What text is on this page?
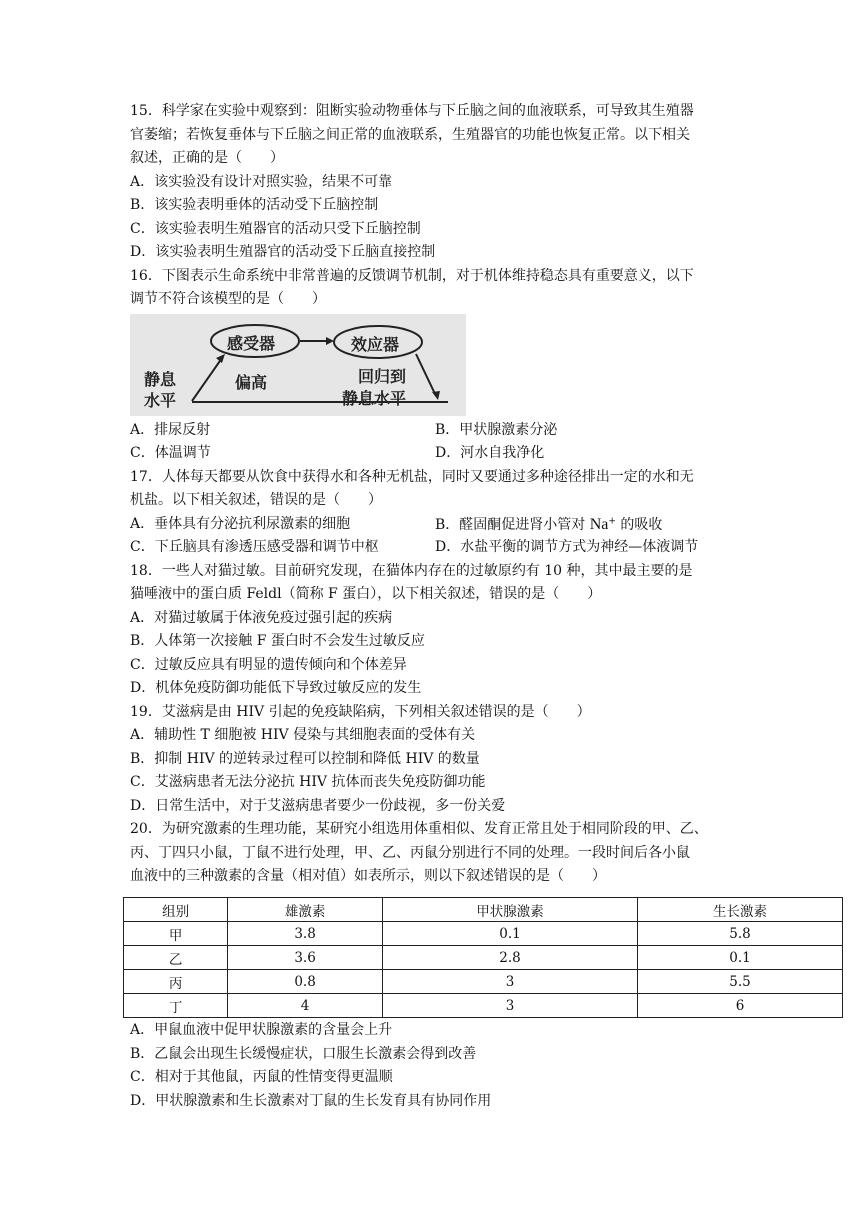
15．科学家在实验中观察到：阻断实验动物垂体与下丘脑之间的血液联系，可导致其生殖器
官萎缩；若恢复垂体与下丘脑之间正常的血液联系，生殖器官的功能也恢复正常。以下相关
叙述，正确的是（　　）
A．该实验没有设计对照实验，结果不可靠
B．该实验表明垂体的活动受下丘脑控制
C．该实验表明生殖器官的活动只受下丘脑控制
D．该实验表明生殖器官的活动受下丘脑直接控制
16．下图表示生命系统中非常普遍的反馈调节机制，对于机体维持稳态具有重要意义，以下
调节不符合该模型的是（　　）
感受器	效应器
静息
水平
偏高	回归到
静息水平
A．排尿反射	B．甲状腺激素分泌
C．体温调节	D．河水自我净化
17．人体每天都要从饮食中获得水和各种无机盐，同时又要通过多种途径排出一定的水和无
机盐。以下相关叙述，错误的是（　　）
A．垂体具有分泌抗利尿激素的细胞	B．醛固酮促进肾小管对 Na+ 的吸收
C．下丘脑具有渗透压感受器和调节中枢	D．水盐平衡的调节方式为神经—体液调节
18．一些人对猫过敏。目前研究发现，在猫体内存在的过敏原约有 10 种，其中最主要的是
猫唾液中的蛋白质 Feldl（简称 F 蛋白），以下相关叙述，错误的是（　　）
A．对猫过敏属于体液免疫过强引起的疾病
B．人体第一次接触 F 蛋白时不会发生过敏反应
C．过敏反应具有明显的遗传倾向和个体差异
D．机体免疫防御功能低下导致过敏反应的发生
19．艾滋病是由 HIV 引起的免疫缺陷病，下列相关叙述错误的是（　　）
A．辅助性 T 细胞被 HIV 侵染与其细胞表面的受体有关
B．抑制 HIV 的逆转录过程可以控制和降低 HIV 的数量
C．艾滋病患者无法分泌抗 HIV 抗体而丧失免疫防御功能
D．日常生活中，对于艾滋病患者要少一份歧视，多一份关爱
20．为研究激素的生理功能，某研究小组选用体重相似、发育正常且处于相同阶段的甲、乙、
丙、丁四只小鼠，丁鼠不进行处理，甲、乙、丙鼠分别进行不同的处理。一段时间后各小鼠
血液中的三种激素的含量（相对值）如表所示，则以下叙述错误的是（　　）
组别	雄激素	甲状腺激素	生长激素
甲	3.8	0.1	5.8
乙	3.6	2.8	0.1
丙	0.8	3	5.5
丁	4	3	6
A．甲鼠血液中促甲状腺激素的含量会上升
B．乙鼠会出现生长缓慢症状，口服生长激素会得到改善
C．相对于其他鼠，丙鼠的性情变得更温顺
D．甲状腺激素和生长激素对丁鼠的生长发育具有协同作用
